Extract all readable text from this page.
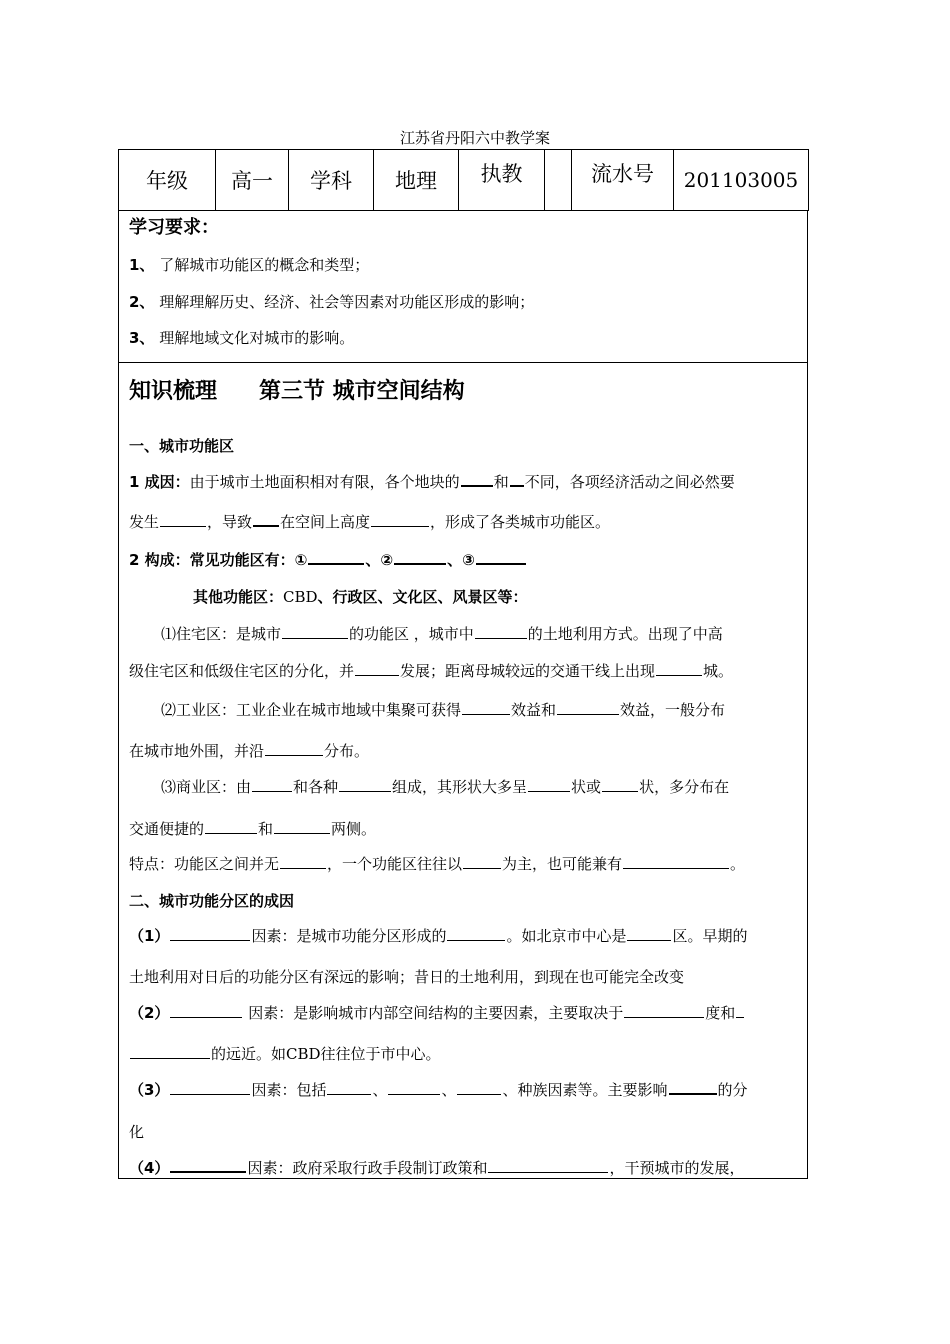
江苏省丹阳六中教学案
年级	高一	学科	地理	执教		流水号	201103005
学习要求：
1、 了解城市功能区的概念和类型；
2、 理解理解历史、经济、社会等因素对功能区形成的影响；
3、 理解地域文化对城市的影响。
知识梳理 第三节 城市空间结构
一、城市功能区
1 成因：由于城市土地面积相对有限，各个地块的 和 不同，各项经济活动之间必然要
发生	，导致 在空间上高度	，形成了各类城市功能区。
2 构成：常见功能区有：①	、②	、③
其他功能区：CBD、行政区、文化区、风景区等：
⑴住宅区：是城市	的功能区 ，城市中	的土地利用方式。出现了中高
级住宅区和低级住宅区的分化，并	发展；距离母城较远的交通干线上出现	城。
⑵工业区：工业企业在城市地域中集聚可获得	效益和	效益，一般分布
在城市地外围，并沿	分布。
⑶商业区：由	和各种	组成，其形状大多呈	状或	状，多分布在
交通便捷的	和	两侧。
特点：功能区之间并无	，一个功能区往往以	为主，也可能兼有	。
二、城市功能分区的成因
（1）	因素：是城市功能分区形成的	。如北京市中心是	区。早期的
土地利用对日后的功能分区有深远的影响；昔日的土地利用，到现在也可能完全改变
（2）	因素：是影响城市内部空间结构的主要因素，主要取决于	度和
的远近。如CBD往往位于市中心。
（3）	因素：包括	、	、	、种族因素等。主要影响	的分
化
（4）	因素：政府采取行政手段制订政策和	，干预城市的发展，
